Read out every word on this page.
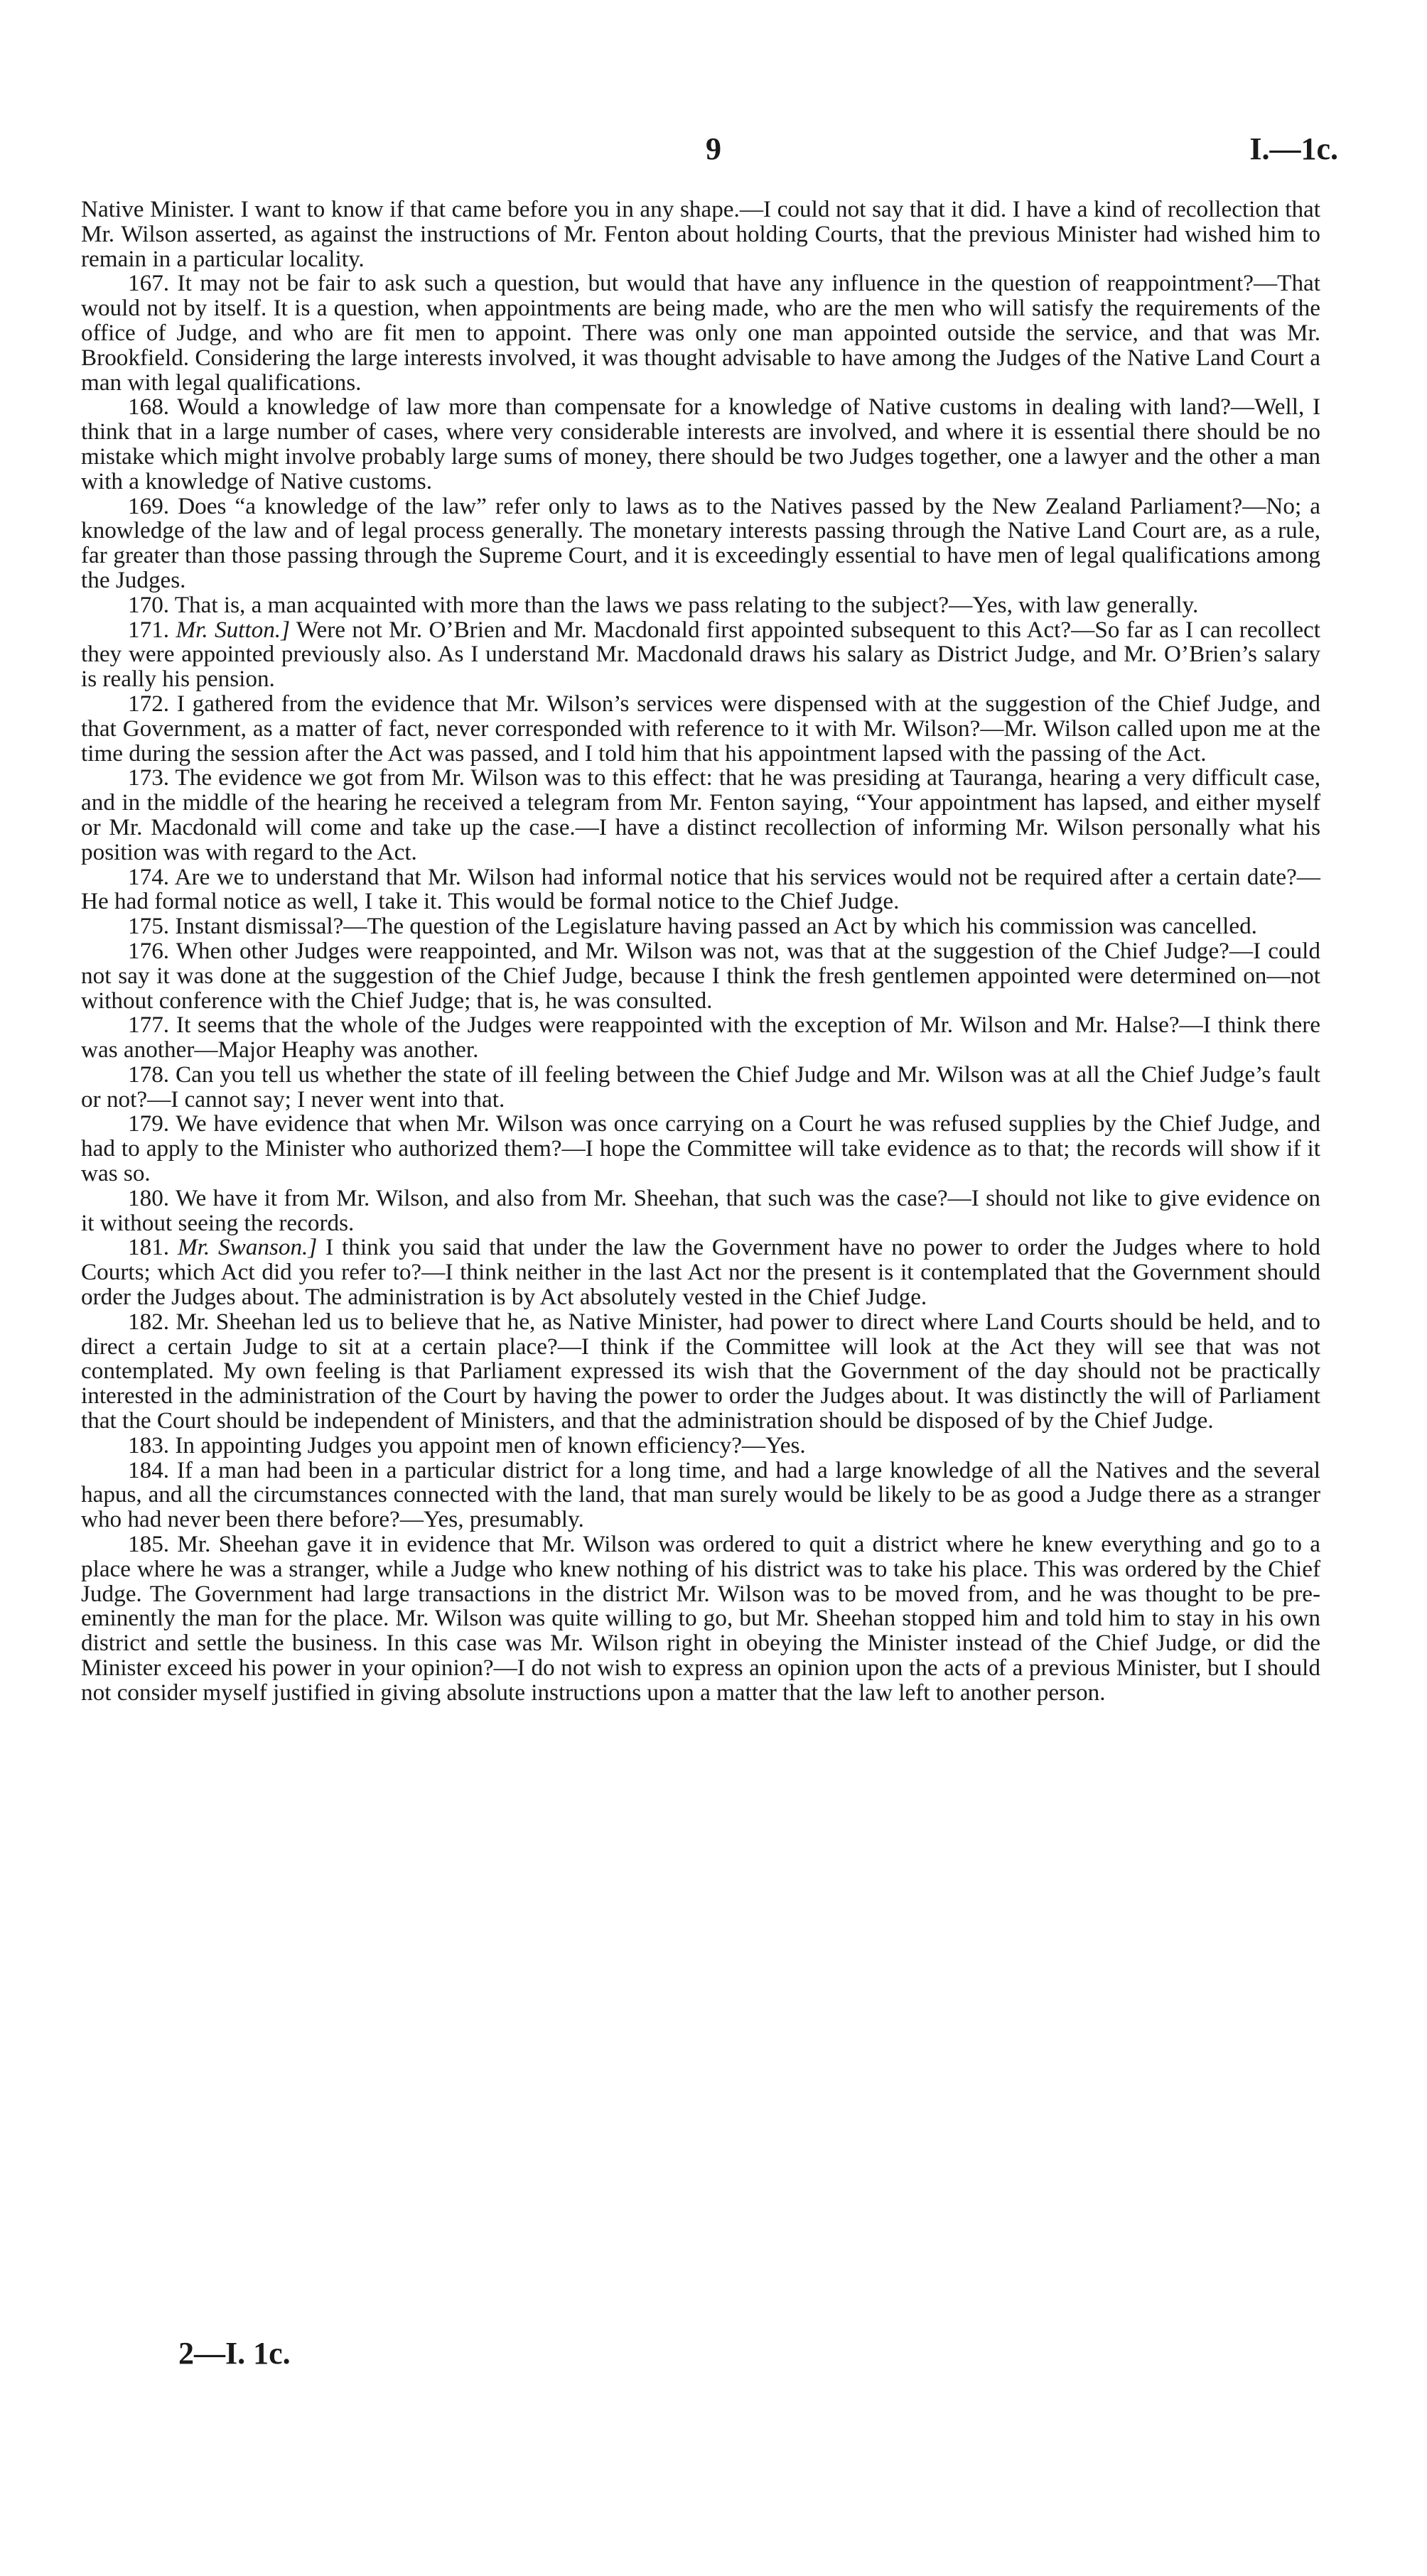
9	I.—1c.

Native Minister. I want to know if that came before you in any shape.—I could not say that it did. I have a kind of recollection that Mr. Wilson asserted, as against the instructions of Mr. Fenton about holding Courts, that the previous Minister had wished him to remain in a particular locality.

167. It may not be fair to ask such a question, but would that have any influence in the question of reappointment?—That would not by itself. It is a question, when appointments are being made, who are the men who will satisfy the requirements of the office of Judge, and who are fit men to appoint. There was only one man appointed outside the service, and that was Mr. Brookfield. Considering the large interests involved, it was thought advisable to have among the Judges of the Native Land Court a man with legal qualifications.

168. Would a knowledge of law more than compensate for a knowledge of Native customs in dealing with land?—Well, I think that in a large number of cases, where very considerable interests are involved, and where it is essential there should be no mistake which might involve probably large sums of money, there should be two Judges together, one a lawyer and the other a man with a knowledge of Native customs.

169. Does “a knowledge of the law” refer only to laws as to the Natives passed by the New Zealand Parliament?—No; a knowledge of the law and of legal process generally. The monetary interests passing through the Native Land Court are, as a rule, far greater than those passing through the Supreme Court, and it is exceedingly essential to have men of legal qualifications among the Judges.

170. That is, a man acquainted with more than the laws we pass relating to the subject?—Yes, with law generally.

171. Mr. Sutton.] Were not Mr. O’Brien and Mr. Macdonald first appointed subsequent to this Act?—So far as I can recollect they were appointed previously also. As I understand Mr. Macdonald draws his salary as District Judge, and Mr. O’Brien’s salary is really his pension.

172. I gathered from the evidence that Mr. Wilson’s services were dispensed with at the suggestion of the Chief Judge, and that Government, as a matter of fact, never corresponded with reference to it with Mr. Wilson?—Mr. Wilson called upon me at the time during the session after the Act was passed, and I told him that his appointment lapsed with the passing of the Act.

173. The evidence we got from Mr. Wilson was to this effect: that he was presiding at Tauranga, hearing a very difficult case, and in the middle of the hearing he received a telegram from Mr. Fenton saying, “Your appointment has lapsed, and either myself or Mr. Macdonald will come and take up the case.—I have a distinct recollection of informing Mr. Wilson personally what his position was with regard to the Act.

174. Are we to understand that Mr. Wilson had informal notice that his services would not be required after a certain date?—He had formal notice as well, I take it. This would be formal notice to the Chief Judge.

175. Instant dismissal?—The question of the Legislature having passed an Act by which his commission was cancelled.

176. When other Judges were reappointed, and Mr. Wilson was not, was that at the suggestion of the Chief Judge?—I could not say it was done at the suggestion of the Chief Judge, because I think the fresh gentlemen appointed were determined on—not without conference with the Chief Judge; that is, he was consulted.

177. It seems that the whole of the Judges were reappointed with the exception of Mr. Wilson and Mr. Halse?—I think there was another—Major Heaphy was another.

178. Can you tell us whether the state of ill feeling between the Chief Judge and Mr. Wilson was at all the Chief Judge’s fault or not?—I cannot say; I never went into that.

179. We have evidence that when Mr. Wilson was once carrying on a Court he was refused supplies by the Chief Judge, and had to apply to the Minister who authorized them?—I hope the Committee will take evidence as to that; the records will show if it was so.

180. We have it from Mr. Wilson, and also from Mr. Sheehan, that such was the case?—I should not like to give evidence on it without seeing the records.

181. Mr. Swanson.] I think you said that under the law the Government have no power to order the Judges where to hold Courts; which Act did you refer to?—I think neither in the last Act nor the present is it contemplated that the Government should order the Judges about. The administration is by Act absolutely vested in the Chief Judge.

182. Mr. Sheehan led us to believe that he, as Native Minister, had power to direct where Land Courts should be held, and to direct a certain Judge to sit at a certain place?—I think if the Committee will look at the Act they will see that was not contemplated. My own feeling is that Parliament expressed its wish that the Government of the day should not be practically interested in the administration of the Court by having the power to order the Judges about. It was distinctly the will of Parliament that the Court should be independent of Ministers, and that the administration should be disposed of by the Chief Judge.

183. In appointing Judges you appoint men of known efficiency?—Yes.

184. If a man had been in a particular district for a long time, and had a large knowledge of all the Natives and the several hapus, and all the circumstances connected with the land, that man surely would be likely to be as good a Judge there as a stranger who had never been there before?—Yes, presumably.

185. Mr. Sheehan gave it in evidence that Mr. Wilson was ordered to quit a district where he knew everything and go to a place where he was a stranger, while a Judge who knew nothing of his district was to take his place. This was ordered by the Chief Judge. The Government had large transactions in the district Mr. Wilson was to be moved from, and he was thought to be pre-eminently the man for the place. Mr. Wilson was quite willing to go, but Mr. Sheehan stopped him and told him to stay in his own district and settle the business. In this case was Mr. Wilson right in obeying the Minister instead of the Chief Judge, or did the Minister exceed his power in your opinion?—I do not wish to express an opinion upon the acts of a previous Minister, but I should not consider myself justified in giving absolute instructions upon a matter that the law left to another person.

2—I. 1c.
